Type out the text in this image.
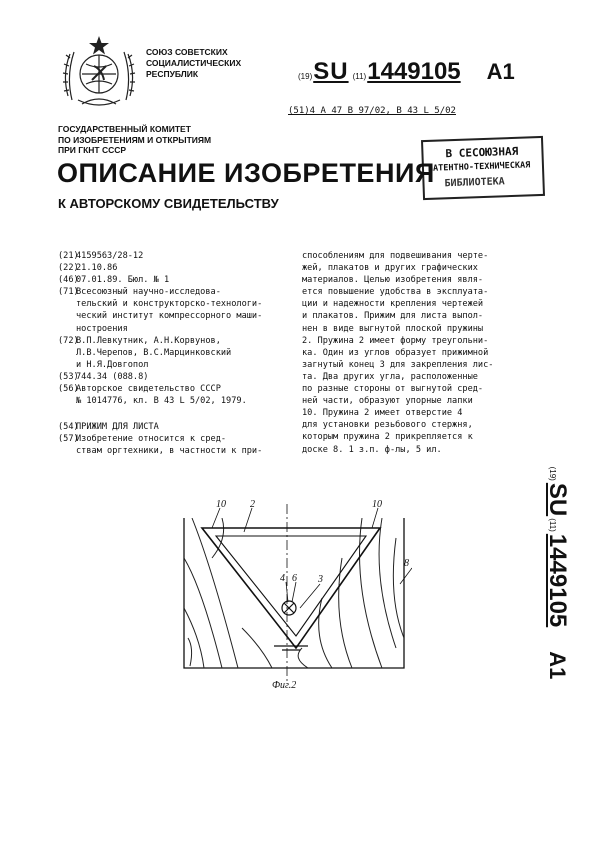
СОЮЗ СОВЕТСКИХ
СОЦИАЛИСТИЧЕСКИХ
РЕСПУБЛИК	(19) SU (11) 1449105 A1
(51)4 A 47 B 97/02, B 43 L 5/02
ГОСУДАРСТВЕННЫЙ КОМИТЕТ
ПО ИЗОБРЕТЕНИЯМ И ОТКРЫТИЯМ
ПРИ ГКНТ СССР	В СЕСОЮЗНАЯ
ПАТЕНТНО-ТЕХНИЧЕСКАЯ
БИБЛИОТЕКА
ОПИСАНИЕ ИЗОБРЕТЕНИЯ
К АВТОРСКОМУ СВИДЕТЕЛЬСТВУ
(21)
4159563/28-12
(22)
21.10.86
(46)
07.01.89. Бюл. № 1
(71)
Всесоюзный научно-исследова-
тельский и конструкторско-технологи-
ческий институт компрессорного маши-
ностроения
(72)
В.П.Левкутник, А.Н.Корвунов,
Л.В.Черепов, В.С.Марцинковский
и Н.Я.Довгопол
(53)
744.34 (088.8)
(56)
Авторское свидетельство СССР
№ 1014776, кл. B 43 L 5/02, 1979.
(54)
ПРИЖИМ ДЛЯ ЛИСТА
(57)
Изобретение относится к сред-
ствам оргтехники, в частности к при-
способлениям для подвешивания черте-
жей, плакатов и других графических
материалов. Целью изобретения явля-
ется повышение удобства в эксплуата-
ции и надежности крепления чертежей
и плакатов. Прижим для листа выпол-
нен в виде выгнутой плоской пружины
2. Пружина 2 имеет форму треугольни-
ка. Один из углов образует прижимной
загнутый конец 3 для закрепления лис-
та. Два других угла, расположенные
по разные стороны от выгнутой сред-
ней части, образуют упорные лапки
10. Пружина 2 имеет отверстие 4
для установки резьбового стержня,
которым пружина 2 прикрепляется к
доске 8. 1 з.п. ф-лы, 5 ил.
10 2	10
8
4 6 3
Фиг.2
(19)
SU
(11)
1449105
A1
